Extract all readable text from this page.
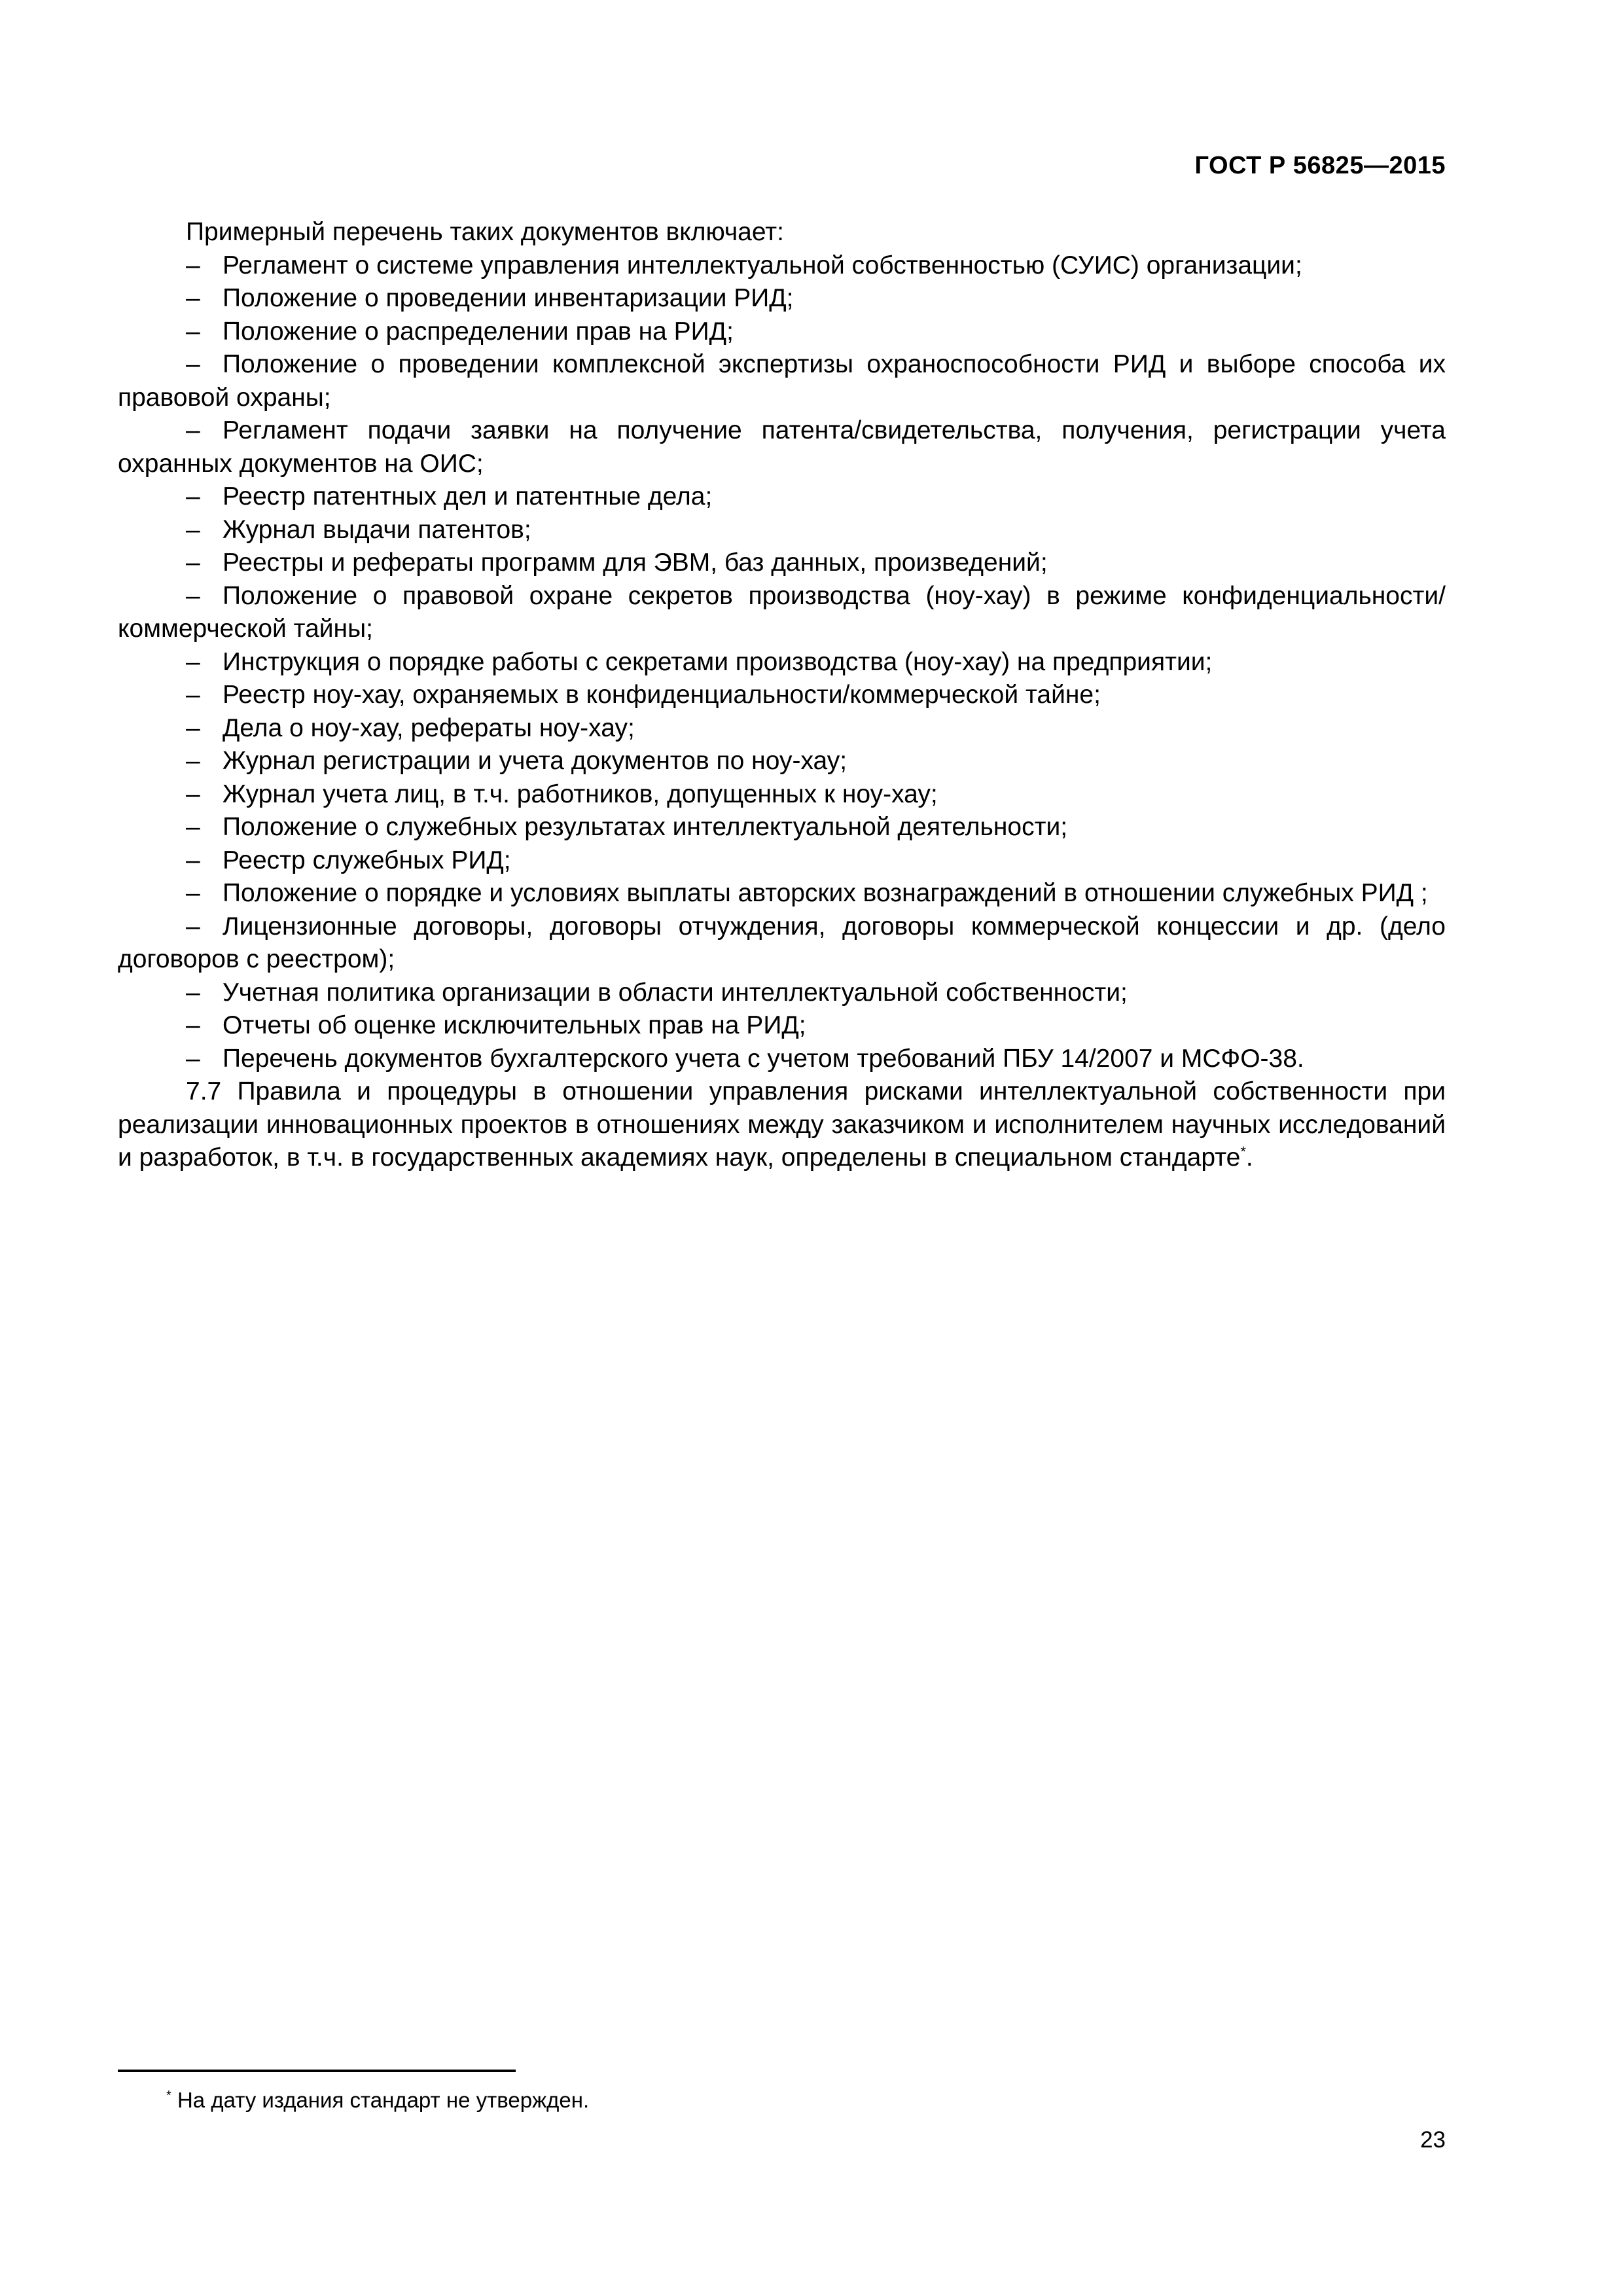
ГОСТ Р 56825—2015

Примерный перечень таких документов включает:

– Регламент о системе управления интеллектуальной собственностью (СУИС) организации;

– Положение о проведении инвентаризации РИД;

– Положение о распределении прав на РИД;

– Положение о проведении комплексной экспертизы охраноспособности РИД и выборе способа их правовой охраны;

– Регламент подачи заявки на получение патента/свидетельства, получения, регистрации учета охранных документов на ОИС;

– Реестр патентных дел и патентные дела;

– Журнал выдачи патентов;

– Реестры и рефераты программ для ЭВМ, баз данных, произведений;

– Положение о правовой охране секретов производства (ноу-хау) в режиме конфиденциальности/коммерческой тайны;

– Инструкция о порядке работы с секретами производства (ноу-хау) на предприятии;

– Реестр ноу-хау, охраняемых в конфиденциальности/коммерческой тайне;

– Дела о ноу-хау, рефераты ноу-хау;

– Журнал регистрации и учета документов по ноу-хау;

– Журнал учета лиц, в т.ч. работников, допущенных к ноу-хау;

– Положение о служебных результатах интеллектуальной деятельности;

– Реестр служебных РИД;

– Положение о порядке и условиях выплаты авторских вознаграждений в отношении служебных РИД ;

– Лицензионные договоры, договоры отчуждения, договоры коммерческой концессии и др. (дело договоров с реестром);

– Учетная политика организации в области интеллектуальной собственности;

– Отчеты об оценке исключительных прав на РИД;

– Перечень документов бухгалтерского учета с учетом требований ПБУ 14/2007 и МСФО-38.

7.7 Правила и процедуры в отношении управления рисками интеллектуальной собственности при реализации инновационных проектов в отношениях между заказчиком и исполнителем научных исследований и разработок, в т.ч. в государственных академиях наук, определены в специальном стандарте*.

* На дату издания стандарт не утвержден.
23
